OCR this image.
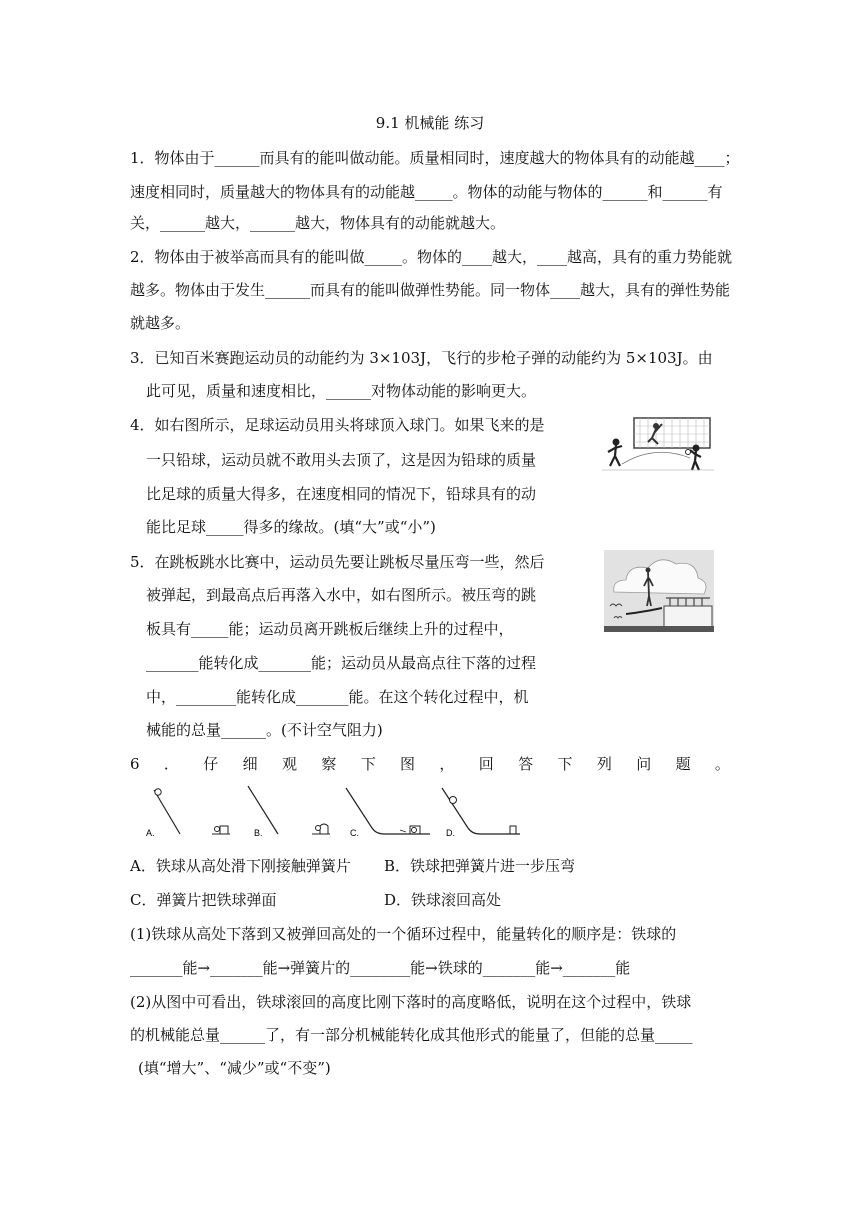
9.1 机械能 练习
1．物体由于______而具有的能叫做动能。质量相同时，速度越大的物体具有的动能越____；
速度相同时，质量越大的物体具有的动能越_____。物体的动能与物体的______和______有
关，______越大，______越大，物体具有的动能就越大。
2．物体由于被举高而具有的能叫做_____。物体的____越大，____越高，具有的重力势能就
越多。物体由于发生______而具有的能叫做弹性势能。同一物体____越大，具有的弹性势能
就越多。
3．已知百米赛跑运动员的动能约为 3×103J，飞行的步枪子弹的动能约为 5×103J。由
此可见，质量和速度相比，______对物体动能的影响更大。
4．如右图所示，足球运动员用头将球顶入球门。如果飞来的是
一只铅球，运动员就不敢用头去顶了，这是因为铅球的质量
比足球的质量大得多，在速度相同的情况下，铅球具有的动
能比足球_____得多的缘故。(填“大”或“小”)
5．在跳板跳水比赛中，运动员先要让跳板尽量压弯一些，然后
被弹起，到最高点后再落入水中，如右图所示。被压弯的跳
板具有_____能；运动员离开跳板后继续上升的过程中，
_______能转化成_______能；运动员从最高点往下落的过程
中，________能转化成_______能。在这个转化过程中，机
械能的总量______。(不计空气阻力)
6 ． 仔 细 观 察 下 图 ， 回 答 下 列 问 题 。
A.	B.	C.	D.
A．铁球从高处滑下刚接触弹簧片 B．铁球把弹簧片进一步压弯
C．弹簧片把铁球弹面	D．铁球滚回高处
(1)铁球从高处下落到又被弹回高处的一个循环过程中，能量转化的顺序是：铁球的
_______能→_______能→弹簧片的________能→铁球的_______能→_______能
(2)从图中可看出，铁球滚回的高度比刚下落时的高度略低，说明在这个过程中，铁球
的机械能总量______了，有一部分机械能转化成其他形式的能量了，但能的总量_____
(填“增大”、“减少”或“不变”)
